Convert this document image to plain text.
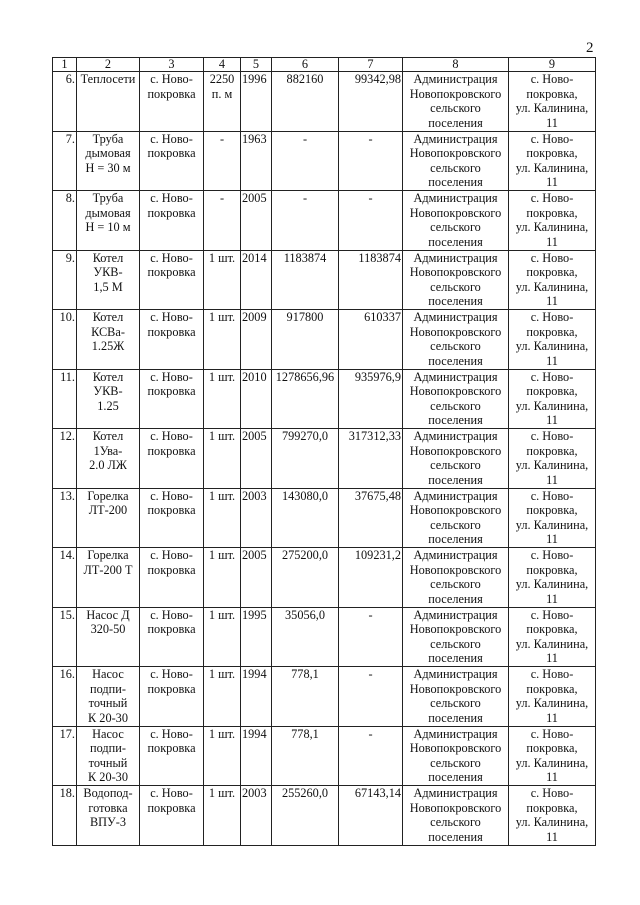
2
1	2	3	4	5	6	7	8	9

6.	Теплосети	с. Ново-
покровка	2250
п. м	1996	882160	99342,98	Администрация
Новопокровского
сельского
поселения	с. Ново-
покровка,
ул. Калинина,
11

7.	Труба
дымовая
Н = 30 м	с. Ново-
покровка	-	1963	-	-	Администрация
Новопокровского
сельского
поселения	с. Ново-
покровка,
ул. Калинина,
11

8.	Труба
дымовая
Н = 10 м	с. Ново-
покровка	-	2005	-	-	Администрация
Новопокровского
сельского
поселения	с. Ново-
покровка,
ул. Калинина,
11

9.	Котел
УКВ-
1,5 М	с. Ново-
покровка	1 шт.	2014	1183874	1183874	Администрация
Новопокровского
сельского
поселения	с. Ново-
покровка,
ул. Калинина,
11

10.	Котел
КСВа-
1.25Ж	с. Ново-
покровка	1 шт.	2009	917800	610337	Администрация
Новопокровского
сельского
поселения	с. Ново-
покровка,
ул. Калинина,
11

11.	Котел
УКВ-
1.25	с. Ново-
покровка	1 шт.	2010	1278656,96	935976,9	Администрация
Новопокровского
сельского
поселения	с. Ново-
покровка,
ул. Калинина,
11

12.	Котел
1Ува-
2.0 ЛЖ	с. Ново-
покровка	1 шт.	2005	799270,0	317312,33	Администрация
Новопокровского
сельского
поселения	с. Ново-
покровка,
ул. Калинина,
11

13.	Горелка
ЛТ-200	с. Ново-
покровка	1 шт.	2003	143080,0	37675,48	Администрация
Новопокровского
сельского
поселения	с. Ново-
покровка,
ул. Калинина,
11

14.	Горелка
ЛТ-200 Т	с. Ново-
покровка	1 шт.	2005	275200,0	109231,2	Администрация
Новопокровского
сельского
поселения	с. Ново-
покровка,
ул. Калинина,
11

15.	Насос Д
320-50	с. Ново-
покровка	1 шт.	1995	35056,0	-	Администрация
Новопокровского
сельского
поселения	с. Ново-
покровка,
ул. Калинина,
11

16.	Насос
подпи-
точный
К 20-30	с. Ново-
покровка	1 шт.	1994	778,1	-	Администрация
Новопокровского
сельского
поселения	с. Ново-
покровка,
ул. Калинина,
11

17.	Насос
подпи-
точный
К 20-30	с. Ново-
покровка	1 шт.	1994	778,1	-	Администрация
Новопокровского
сельского
поселения	с. Ново-
покровка,
ул. Калинина,
11

18.	Водопод-
готовка
ВПУ-3	с. Ново-
покровка	1 шт.	2003	255260,0	67143,14	Администрация
Новопокровского
сельского
поселения	с. Ново-
покровка,
ул. Калинина,
11
